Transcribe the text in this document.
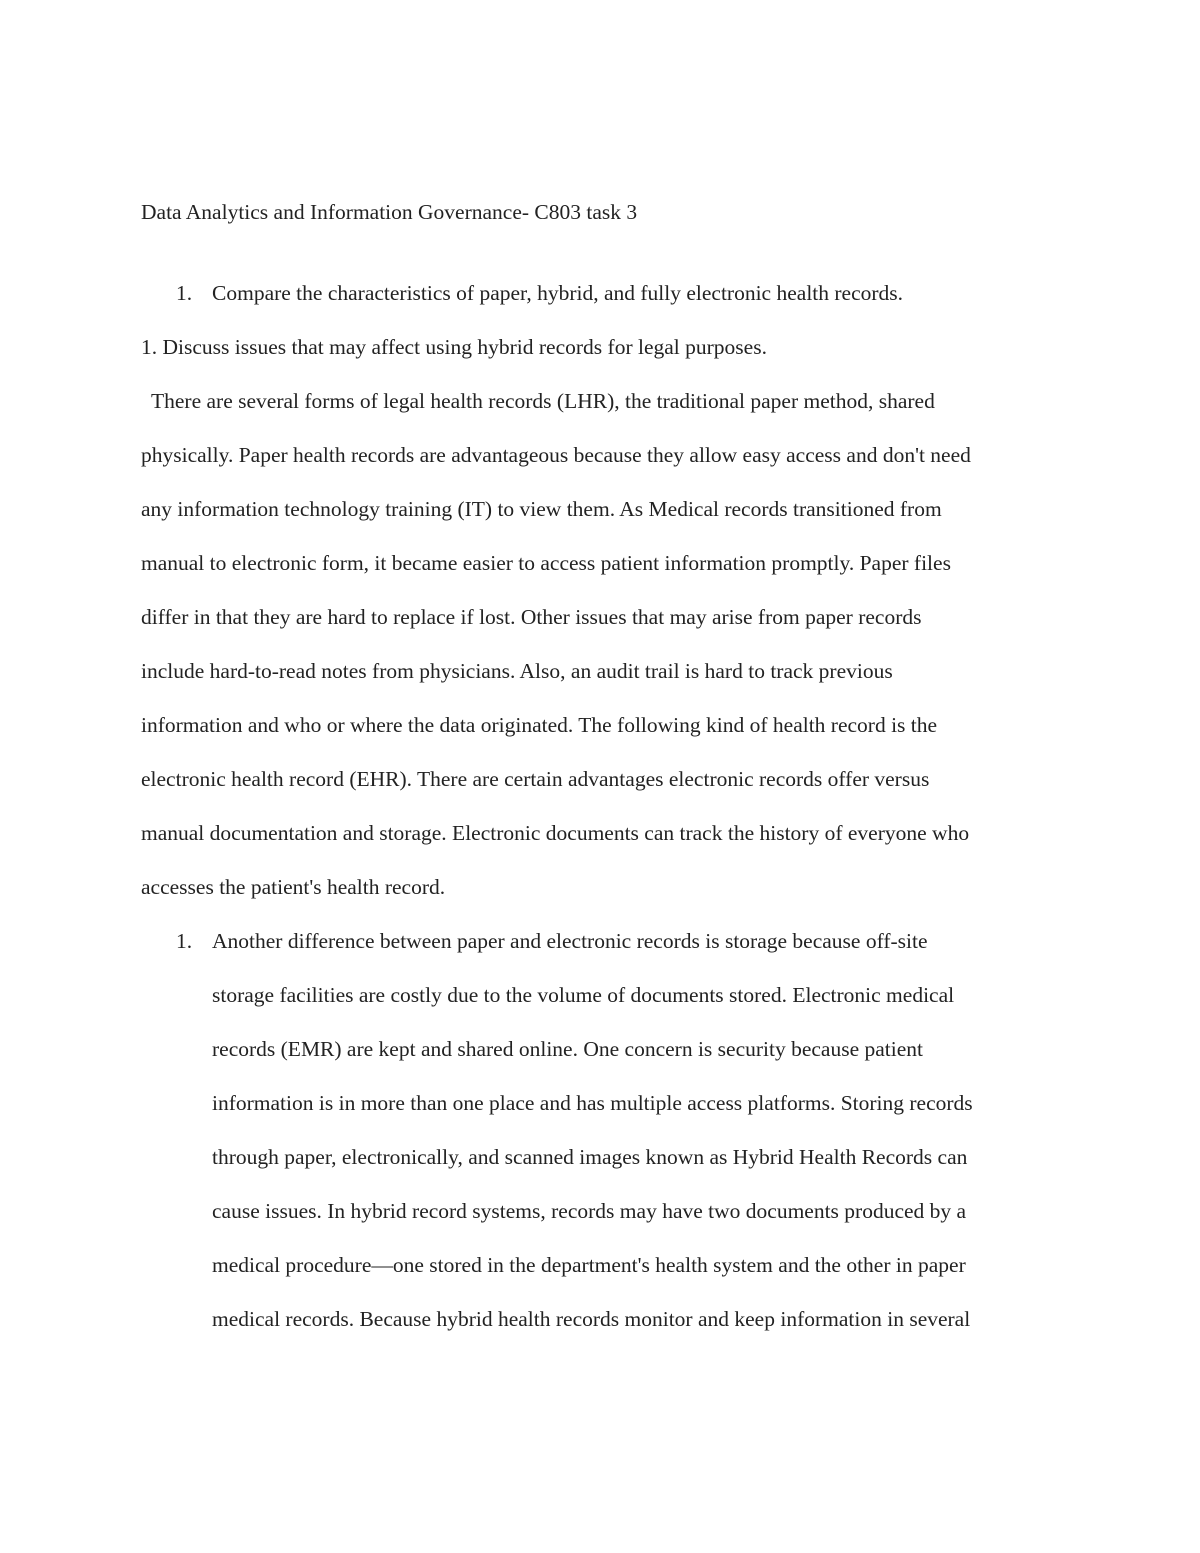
Data Analytics and Information Governance- C803 task 3

1. Compare the characteristics of paper, hybrid, and fully electronic health records.

1. Discuss issues that may affect using hybrid records for legal purposes.

There are several forms of legal health records (LHR), the traditional paper method, shared

physically. Paper health records are advantageous because they allow easy access and don't need

any information technology training (IT) to view them. As Medical records transitioned from

manual to electronic form, it became easier to access patient information promptly. Paper files

differ in that they are hard to replace if lost. Other issues that may arise from paper records

include hard-to-read notes from physicians. Also, an audit trail is hard to track previous

information and who or where the data originated. The following kind of health record is the

electronic health record (EHR). There are certain advantages electronic records offer versus

manual documentation and storage. Electronic documents can track the history of everyone who

accesses the patient's health record.

1. Another difference between paper and electronic records is storage because off-site

storage facilities are costly due to the volume of documents stored. Electronic medical

records (EMR) are kept and shared online. One concern is security because patient

information is in more than one place and has multiple access platforms. Storing records

through paper, electronically, and scanned images known as Hybrid Health Records can

cause issues. In hybrid record systems, records may have two documents produced by a

medical procedure—one stored in the department's health system and the other in paper

medical records. Because hybrid health records monitor and keep information in several
